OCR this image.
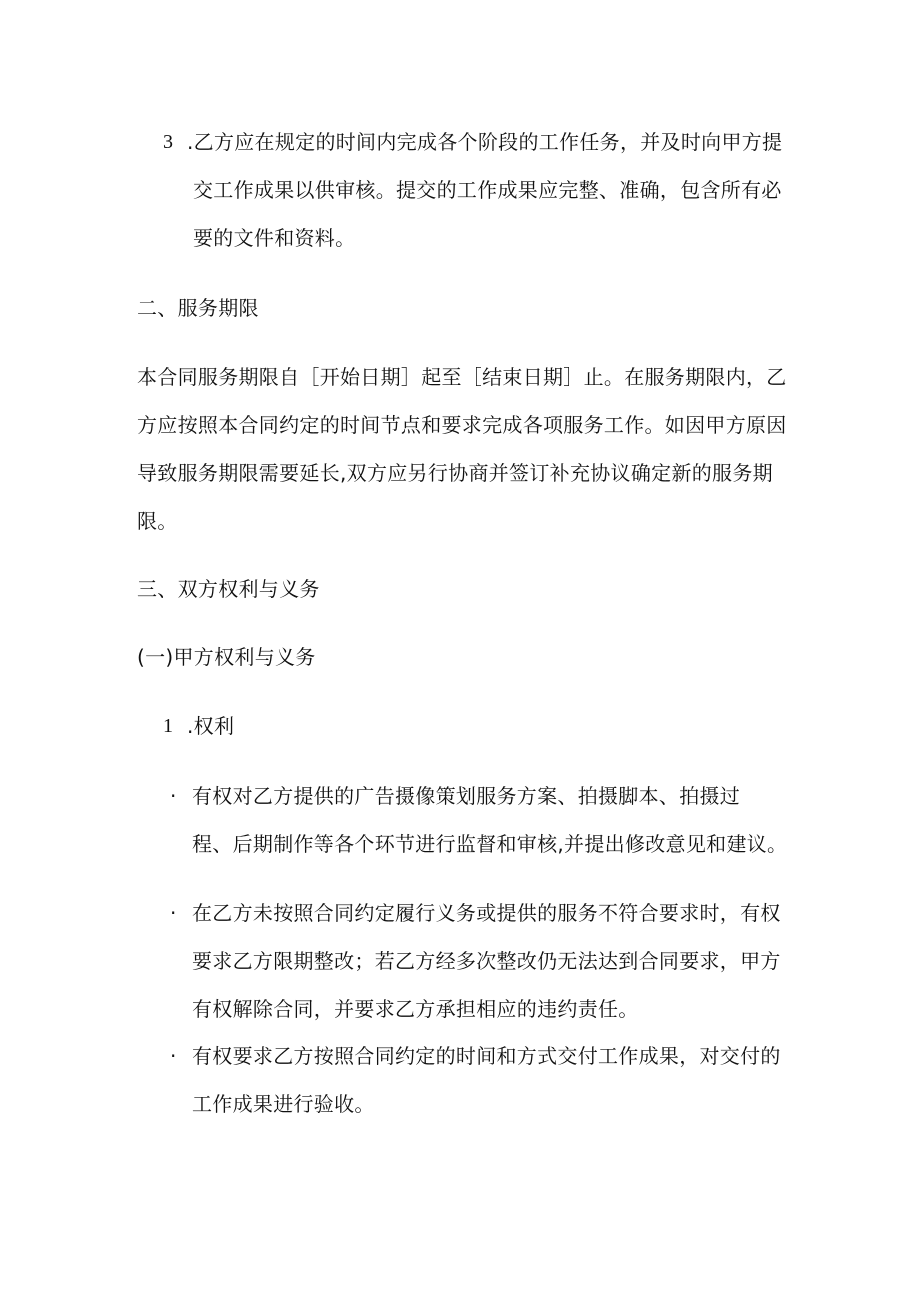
3 .乙方应在规定的时间内完成各个阶段的工作任务，并及时向甲方提
交工作成果以供审核。提交的工作成果应完整、准确，包含所有必
要的文件和资料。
二、服务期限
本合同服务期限自［开始日期］起至［结束日期］止。在服务期限内，乙
方应按照本合同约定的时间节点和要求完成各项服务工作。如因甲方原因
导致服务期限需要延长,双方应另行协商并签订补充协议确定新的服务期
限。
三、双方权利与义务
(一)甲方权利与义务
1 .权利
· 有权对乙方提供的广告摄像策划服务方案、拍摄脚本、拍摄过
程、后期制作等各个环节进行监督和审核,并提出修改意见和建议。
· 在乙方未按照合同约定履行义务或提供的服务不符合要求时，有权
要求乙方限期整改；若乙方经多次整改仍无法达到合同要求，甲方
有权解除合同，并要求乙方承担相应的违约责任。
· 有权要求乙方按照合同约定的时间和方式交付工作成果，对交付的
工作成果进行验收。
